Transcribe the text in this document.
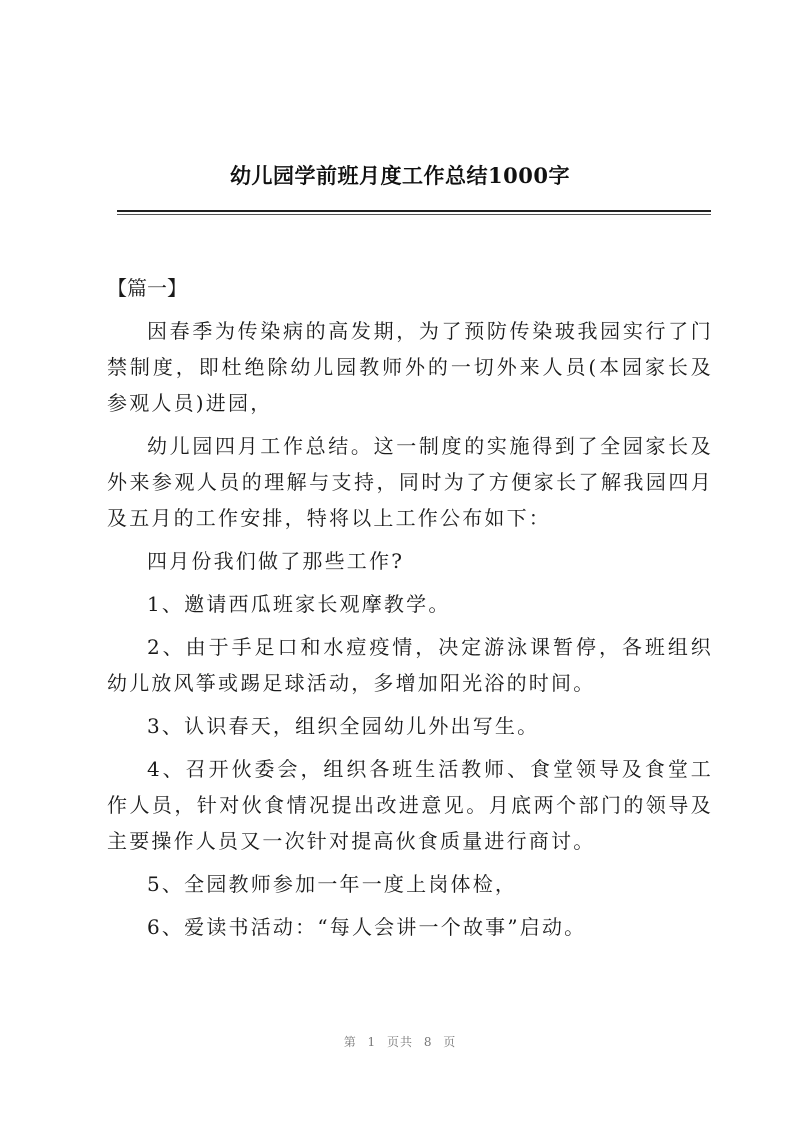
幼儿园学前班月度工作总结1000字

【篇一】

因春季为传染病的高发期，为了预防传染玻我园实行了门禁制度，即杜绝除幼儿园教师外的一切外来人员(本园家长及参观人员)进园，

幼儿园四月工作总结。这一制度的实施得到了全园家长及外来参观人员的理解与支持，同时为了方便家长了解我园四月及五月的工作安排，特将以上工作公布如下：

四月份我们做了那些工作?

1、邀请西瓜班家长观摩教学。

2、由于手足口和水痘疫情，决定游泳课暂停，各班组织幼儿放风筝或踢足球活动，多增加阳光浴的时间。

3、认识春天，组织全园幼儿外出写生。

4、召开伙委会，组织各班生活教师、食堂领导及食堂工作人员，针对伙食情况提出改进意见。月底两个部门的领导及主要操作人员又一次针对提高伙食质量进行商讨。

5、全园教师参加一年一度上岗体检，

6、爱读书活动：“每人会讲一个故事”启动。

第 1 页共 8 页
